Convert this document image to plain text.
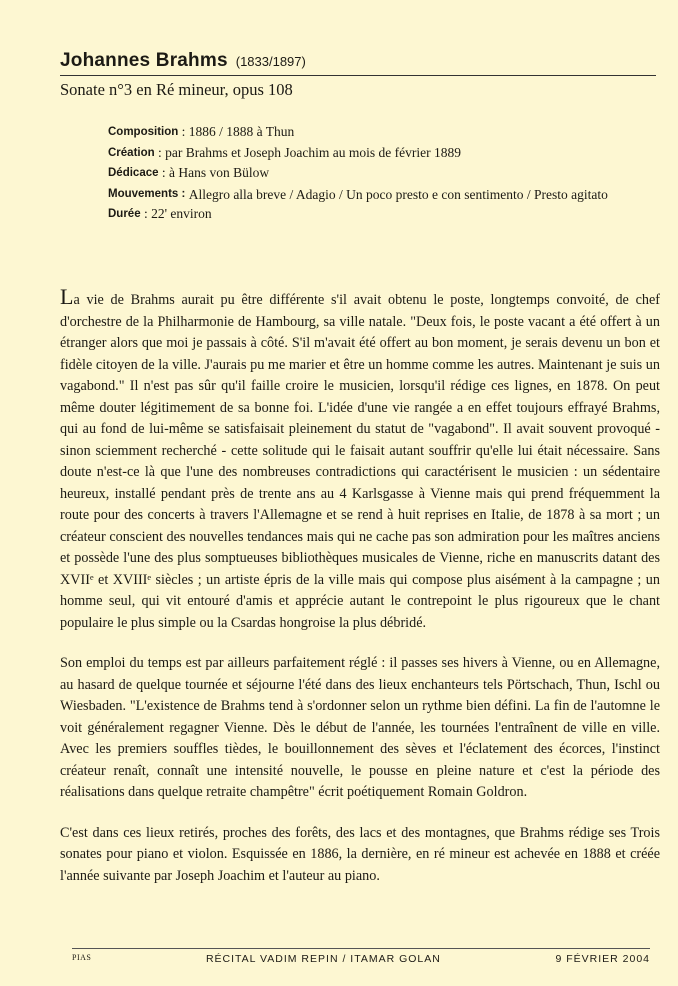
Johannes Brahms (1833/1897)
Sonate n°3 en Ré mineur, opus 108
Composition : 1886 / 1888 à Thun
Création : par Brahms et Joseph Joachim au mois de février 1889
Dédicace : à Hans von Bülow
Mouvements :
Allegro alla breve / Adagio / Un poco presto e con sentimento / Presto agitato
Durée : 22' environ

La vie de Brahms aurait pu être différente s'il avait obtenu le poste, longtemps convoité, de chef d'orchestre de la Philharmonie de Hambourg, sa ville natale. "Deux fois, le poste vacant a été offert à un étranger alors que moi je passais à côté. S'il m'avait été offert au bon moment, je serais devenu un bon et fidèle citoyen de la ville. J'aurais pu me marier et être un homme comme les autres. Maintenant je suis un vagabond." Il n'est pas sûr qu'il faille croire le musicien, lorsqu'il rédige ces lignes, en 1878. On peut même douter légitimement de sa bonne foi. L'idée d'une vie rangée a en effet toujours effrayé Brahms, qui au fond de lui-même se satisfaisait pleinement du statut de "vagabond". Il avait souvent provoqué - sinon sciemment recherché - cette solitude qui le faisait autant souffrir qu'elle lui était nécessaire. Sans doute n'est-ce là que l'une des nombreuses contradictions qui caractérisent le musicien : un sédentaire heureux, installé pendant près de trente ans au 4 Karlsgasse à Vienne mais qui prend fréquemment la route pour des concerts à travers l'Allemagne et se rend à huit reprises en Italie, de 1878 à sa mort ; un créateur conscient des nouvelles tendances mais qui ne cache pas son admiration pour les maîtres anciens et possède l'une des plus somptueuses bibliothèques musicales de Vienne, riche en manuscrits datant des XVIIᵉ et XVIIIᵉ siècles ; un artiste épris de la ville mais qui compose plus aisément à la campagne ; un homme seul, qui vit entouré d'amis et apprécie autant le contrepoint le plus rigoureux que le chant populaire le plus simple ou la Csardas hongroise la plus débridé.

Son emploi du temps est par ailleurs parfaitement réglé : il passes ses hivers à Vienne, ou en Allemagne, au hasard de quelque tournée et séjourne l'été dans des lieux enchanteurs tels Pörtschach, Thun, Ischl ou Wiesbaden. "L'existence de Brahms tend à s'ordonner selon un rythme bien défini. La fin de l'automne le voit généralement regagner Vienne. Dès le début de l'année, les tournées l'entraînent de ville en ville. Avec les premiers souffles tièdes, le bouillonnement des sèves et l'éclatement des écorces, l'instinct créateur renaît, connaît une intensité nouvelle, le pousse en pleine nature et c'est la période des réalisations dans quelque retraite champêtre" écrit poétiquement Romain Goldron.

C'est dans ces lieux retirés, proches des forêts, des lacs et des montagnes, que Brahms rédige ses Trois sonates pour piano et violon. Esquissée en 1886, la dernière, en ré mineur est achevée en 1888 et créée l'année suivante par Joseph Joachim et l'auteur au piano.

PIAS	RÉCITAL VADIM REPIN / ITAMAR GOLAN	9 FÉVRIER 2004
